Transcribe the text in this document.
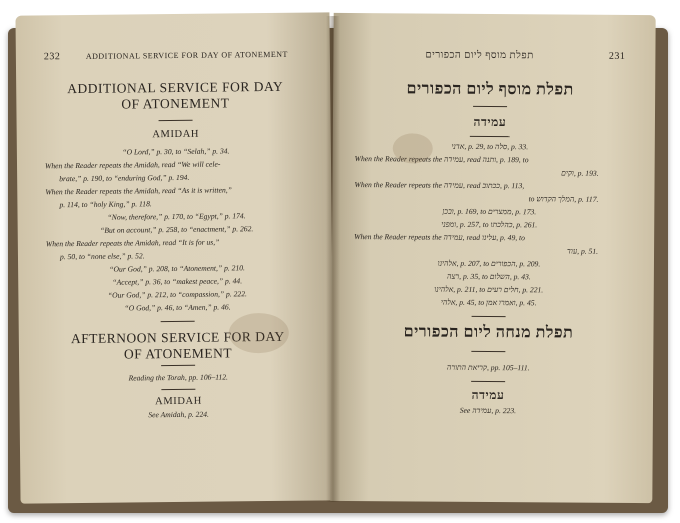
232	ADDITIONAL SERVICE FOR DAY OF ATONEMENT
ADDITIONAL SERVICE FOR DAY
OF ATONEMENT
AMIDAH
“O Lord,” p. 30, to “Selah,” p. 34.
When the Reader repeats the Amidah, read “We will cele-
brate,” p. 190, to “enduring God,” p. 194.
When the Reader repeats the Amidah, read “As it is written,”
p. 114, to “holy King,” p. 118.
“Now, therefore,” p. 170, to “Egypt,” p. 174.
“But on account,” p. 258, to “enactment,” p. 262.
When the Reader repeats the Amidah, read “It is for us,”
p. 50, to “none else,” p. 52.
“Our God,” p. 208, to “Atonement,” p. 210.
“Accept,” p. 36, to “makest peace,” p. 44.
“Our God,” p. 212, to “compassion,” p. 222.
“O God,” p. 46, to “Amen,” p. 46.
AFTERNOON SERVICE FOR DAY
OF ATONEMENT
Reading the Torah, pp. 106–112.
AMIDAH
See Amidah, p. 224.
תפלת מוסף ליום הכפורים	231
תפלת מוסף ליום הכפורים
עמידה
אדני, p. 29, to סלה, p. 33.
When the Reader repeats the עמידה, read ותנה, p. 189, to
וקים, p. 193.
When the Reader repeats the עמידה, read ככתוב, p. 113,
to המלך הקדוש, p. 117.
ובכן, p. 169, to ממצרים, p. 173.
ומפני, p. 257, to כהלכתו, p. 261.
When the Reader repeats the עמידה, read עלינו, p. 49, to
עוד, p. 51.
אלהינו, p. 207, to הכפורים, p. 209.
רצה, p. 35, to השלום, p. 43.
אלהינו, p. 211, to חלים רעים, p. 221.
אלהי, p. 45, to ואמרו אמן, p. 45.
תפלת מנחה ליום הכפורים
קריאת התורה, pp. 105–111.
עמידה
See עמידה, p. 223.
